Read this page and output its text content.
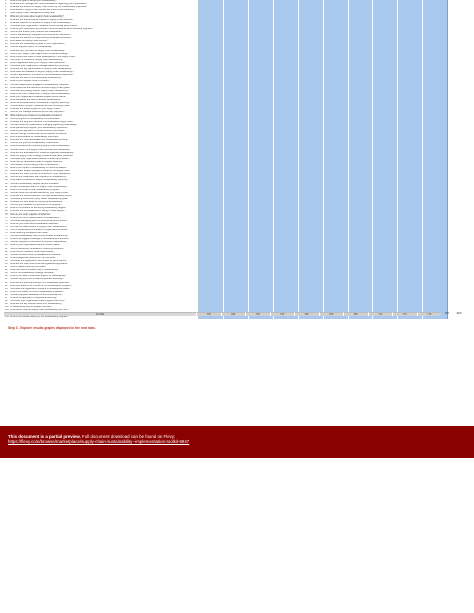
1	What is the goal of setting your sustainability?												
2	What are your management recommendations regarding your organization?												
3	What are the drivers for supply chain driven by our sustainability objectives?												
4	What areas of supply chain risk are you most concerned about?												
5	Does supply chain management really care?												
6	What do you know about supply chain sustainability?												
7	What are the environmental impacts of supply chain activities?												
8	What are required for success of supply chain sustainability?												
9	How does your organization measure environmental performance?												
10	What do you know about any ethical criteria considered when selecting suppliers?												
11	How do you ensure your products are sustainable?												
12	How is sustainability integrated into procurement decisions?												
13	What are the barriers to implementing sustainable practices?												
14	Who leads the supply chain function?												
15	What are the sustainability goals of your organization?												
16	How do suppliers report on sustainability?												
17	What are your priorities for supply chain sustainability?												
18	How is your supply chain aligned with corporate strategy?												
19	What metrics are used to track sustainability in the supply chain?												
20	How much is invested in supply chain sustainability?												
21	Which regulations affect your supply chain operations?												
22	How does your organization manage waste and recycling?												
23	What are the key opportunities in supply chain sustainability?												
24	What tools are available to support supply chain sustainability?												
25	Is your organization committed to the sustainability objectives?												
26	What are the risks of not addressing sustainability?												
27	What is your supplier code of conduct?												
28	How are stakeholders engaged in sustainability initiatives?												
29	What resources are needed to achieve supply chain goals?												
30	How does technology support supply chain transparency?												
31	What is the role of leadership in supply chain sustainability?												
32	Does your organization evaluate supplier performance?												
33	What standards are used to assess sustainability?												
34	Are environmental factors considered in logistics planning?												
35	How is carbon footprint measured across the supply chain?												
36	What are the social impacts of your supply chain?												
37	How do you manage relationships with key suppliers?												
38	What training is provided on sustainable practices?												
39	How is progress on sustainability communicated?												
40	What are the long term benefits of a sustainable supply chain?												
41	How are customer expectations changing regarding sustainability?												
42	What partnerships support your sustainability objectives?												
43	What is your approach to circular economy principles?												
44	How are energy consumption and emissions monitored?												
45	Who is accountable for sustainability outcomes?												
46	What are the costs associated with sustainable sourcing?												
47	How do you prioritize sustainability investments?												
48	What innovations are improving supply chain sustainability?												
49	How are risks in the supply chain identified and addressed?												
50	What are the expectations of investors regarding sustainability?												
51	Does the supply chain strategy include ethical labor practices?												
52	How does your organization address human rights issues?												
53	What role do certifications play in supplier selection?												
54	How resilient is your supply chain to disruptions?												
55	What is the impact of sustainability on brand reputation?												
56	How is water usage managed throughout the supply chain?												
57	What are the main sources of emissions in your operations?												
58	How do you collaborate with suppliers on sustainability?												
59	What data is collected to support sustainability reporting?												
60	How are sustainability targets set and reviewed?												
61	Is there a dedicated team for supply chain sustainability?												
62	What is the scope of your sustainability program?												
63	How are local communities affected by your supply chain?												
64	What are the lessons learned from past sustainability efforts?												
65	How does procurement policy reflect sustainability goals?												
66	What are the next steps for improving sustainability?												
67	How will you measure the success of the program?												
68	What is the timeline for achieving sustainability targets?												
69	What are the consequences of failing to meet targets?												
70	How do you verify supplier compliance?												
71	What is the role of transportation in sustainability?												
72	How does packaging affect environmental performance?												
73	What do you know about sustainable materials?												
74	Who are the stakeholders in supply chain sustainability?												
75	How is sustainability embedded in organizational culture?												
76	What reporting frameworks are used?												
77	How are sustainability risks communicated to leadership?												
78	What is the biggest challenge in sustainable procurement?												
79	How are suppliers incentivized to improve sustainability?												
80	What is your organization doing to reduce waste?												
81	How is biodiversity considered in sourcing decisions?												
82	What metrics measure social responsibility?												
83	How are ethical concerns escalated and resolved?												
84	What changes are planned for the next year?												
85	How does the organization benchmark its performance?												
86	What are the main environmental regulations applicable?												
87	How is supplier diversity promoted?												
88	What role does innovation play in sustainability?												
89	How is the sustainability strategy reviewed?												
90	What is the level of executive support for sustainability?												
91	How are supply chain emissions reported externally?												
92	What are the potential savings from sustainable practices?												
93	Who else needs to be involved in the sustainability program?												
94	How does the organization respond to sustainability audits?												
95	What is the status of current sustainability initiatives?												
96	How are suppliers assessed for environmental risk?												
97	What is the approach to responsible sourcing?												
98	How does your organization track progress over time?												
99	What are the key success factors for sustainability?												
100	Is sustainability part of supplier contracts?												
101	What would improve supply chain sustainability the most?												

103	What is the overall maturity of the sustainability program?												
SCORE	735	698	705	675	687	678	680	713	775	776	856	4825
Step 3 - Explore results graphs displayed in the next tabs.
This document is a partial preview. Full document download can be found on Flevy:
https://flevy.com/browse/marketplace/supply-chain-sustainability--implementation-toolkit-6947
